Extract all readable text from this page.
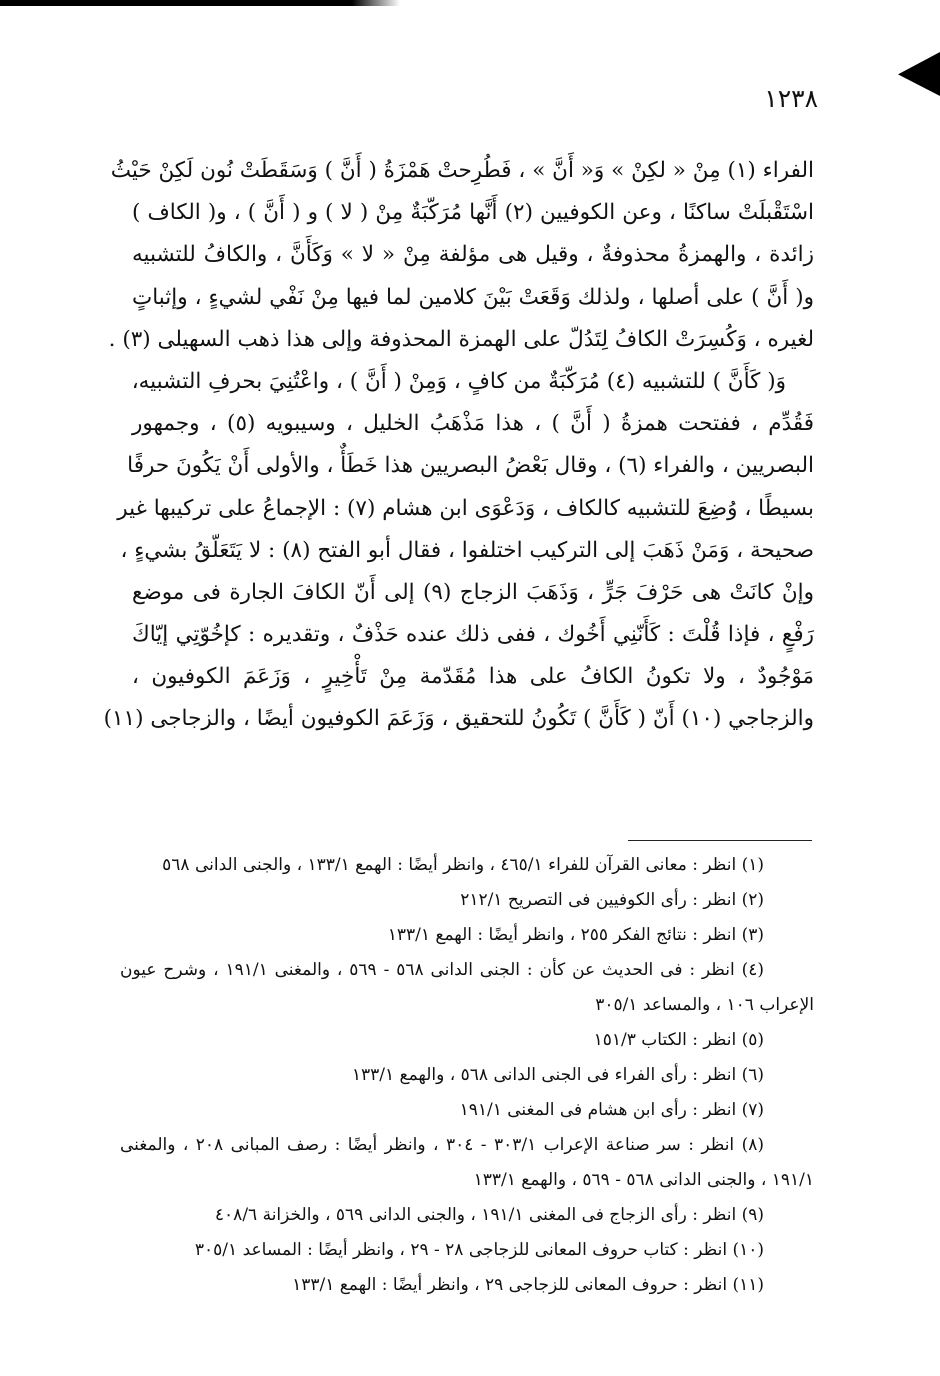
١٢٣٨
الفراء (١) مِنْ « لكِنْ » وَ« أَنَّ » ، فَطُرِحتْ هَمْزَةُ ( أَنَّ ) وَسَقَطَتْ نُون لَكِنْ حَيْثُ
اسْتَقْبلَتْ ساكنًا ، وعن الكوفيين (٢) أَنَّها مُرَكّبَةٌ مِنْ ( لا ) و ( أَنَّ ) ، و( الكاف )
زائدة ، والهمزةُ محذوفةٌ ، وقيل هى مؤلفة مِنْ « لا » وَكَأَنَّ ، والكافُ للتشبيه
و( أَنَّ ) على أصلها ، ولذلك وَقَعَتْ بَيْنَ كلامين لما فيها مِنْ نَفْي لشيءٍ ، وإثباتٍ
لغيره ، وَكُسِرَتْ الكافُ لِتَدُلّ على الهمزة المحذوفة وإلى هذا ذهب السهيلى (٣) .
وَ( كَأَنَّ ) للتشبيه (٤) مُرَكّبَةٌ من كافٍ ، وَمِنْ ( أَنَّ ) ، واعْتُنِيَ بحرفِ التشبيه،
فَقُدِّم ، ففتحت همزةُ ( أَنَّ ) ، هذا مَذْهَبُ الخليل ، وسيبويه (٥) ، وجمهور
البصريين ، والفراء (٦) ، وقال بَعْضُ البصريين هذا خَطَأٌ ، والأولى أَنْ يَكُونَ حرفًا
بسيطًا ، وُضِعَ للتشبيه كالكاف ، وَدَعْوَى ابن هشام (٧) : الإجماعُ على تركيبها غير
صحيحة ، وَمَنْ ذَهَبَ إلى التركيب اختلفوا ، فقال أبو الفتح (٨) : لا يَتَعَلّقُ بشيءٍ ،
وإنْ كانَتْ هى حَرْفَ جَرٍّ ، وَذَهَبَ الزجاج (٩) إلى أَنّ الكافَ الجارة فى موضع
رَفْعٍ ، فإذا قُلْتَ : كَأَنّنِي أَخُوك ، ففى ذلك عنده حَذْفٌ ، وتقديره : كإخُوّتِي إيّاكَ
مَوْجُودٌ ، ولا تكونُ الكافُ على هذا مُقَدّمة مِنْ تَأْخِيرٍ ، وَزَعَمَ الكوفيون ،
والزجاجي (١٠) أَنّ ( كَأَنَّ ) تَكُونُ للتحقيق ، وَزَعَمَ الكوفيون أيضًا ، والزجاجى (١١)
(١) انظر : معانى القرآن للفراء ٤٦٥/١ ، وانظر أيضًا : الهمع ١٣٣/١ ، والجنى الدانى ٥٦٨
(٢) انظر : رأى الكوفيين فى التصريح ٢١٢/١
(٣) انظر : نتائج الفكر ٢٥٥ ، وانظر أيضًا : الهمع ١٣٣/١
(٤) انظر : فى الحديث عن كأن : الجنى الدانى ٥٦٨ - ٥٦٩ ، والمغنى ١٩١/١ ، وشرح عيون
الإعراب ١٠٦ ، والمساعد ٣٠٥/١
(٥) انظر : الكتاب ١٥١/٣
(٦) انظر : رأى الفراء فى الجنى الدانى ٥٦٨ ، والهمع ١٣٣/١
(٧) انظر : رأى ابن هشام فى المغنى ١٩١/١
(٨) انظر : سر صناعة الإعراب ٣٠٣/١ - ٣٠٤ ، وانظر أيضًا : رصف المبانى ٢٠٨ ، والمغنى
١٩١/١ ، والجنى الدانى ٥٦٨ - ٥٦٩ ، والهمع ١٣٣/١
(٩) انظر : رأى الزجاج فى المغنى ١٩١/١ ، والجنى الدانى ٥٦٩ ، والخزانة ٤٠٨/٦
(١٠) انظر : كتاب حروف المعانى للزجاجى ٢٨ - ٢٩ ، وانظر أيضًا : المساعد ٣٠٥/١
(١١) انظر : حروف المعانى للزجاجى ٢٩ ، وانظر أيضًا : الهمع ١٣٣/١
